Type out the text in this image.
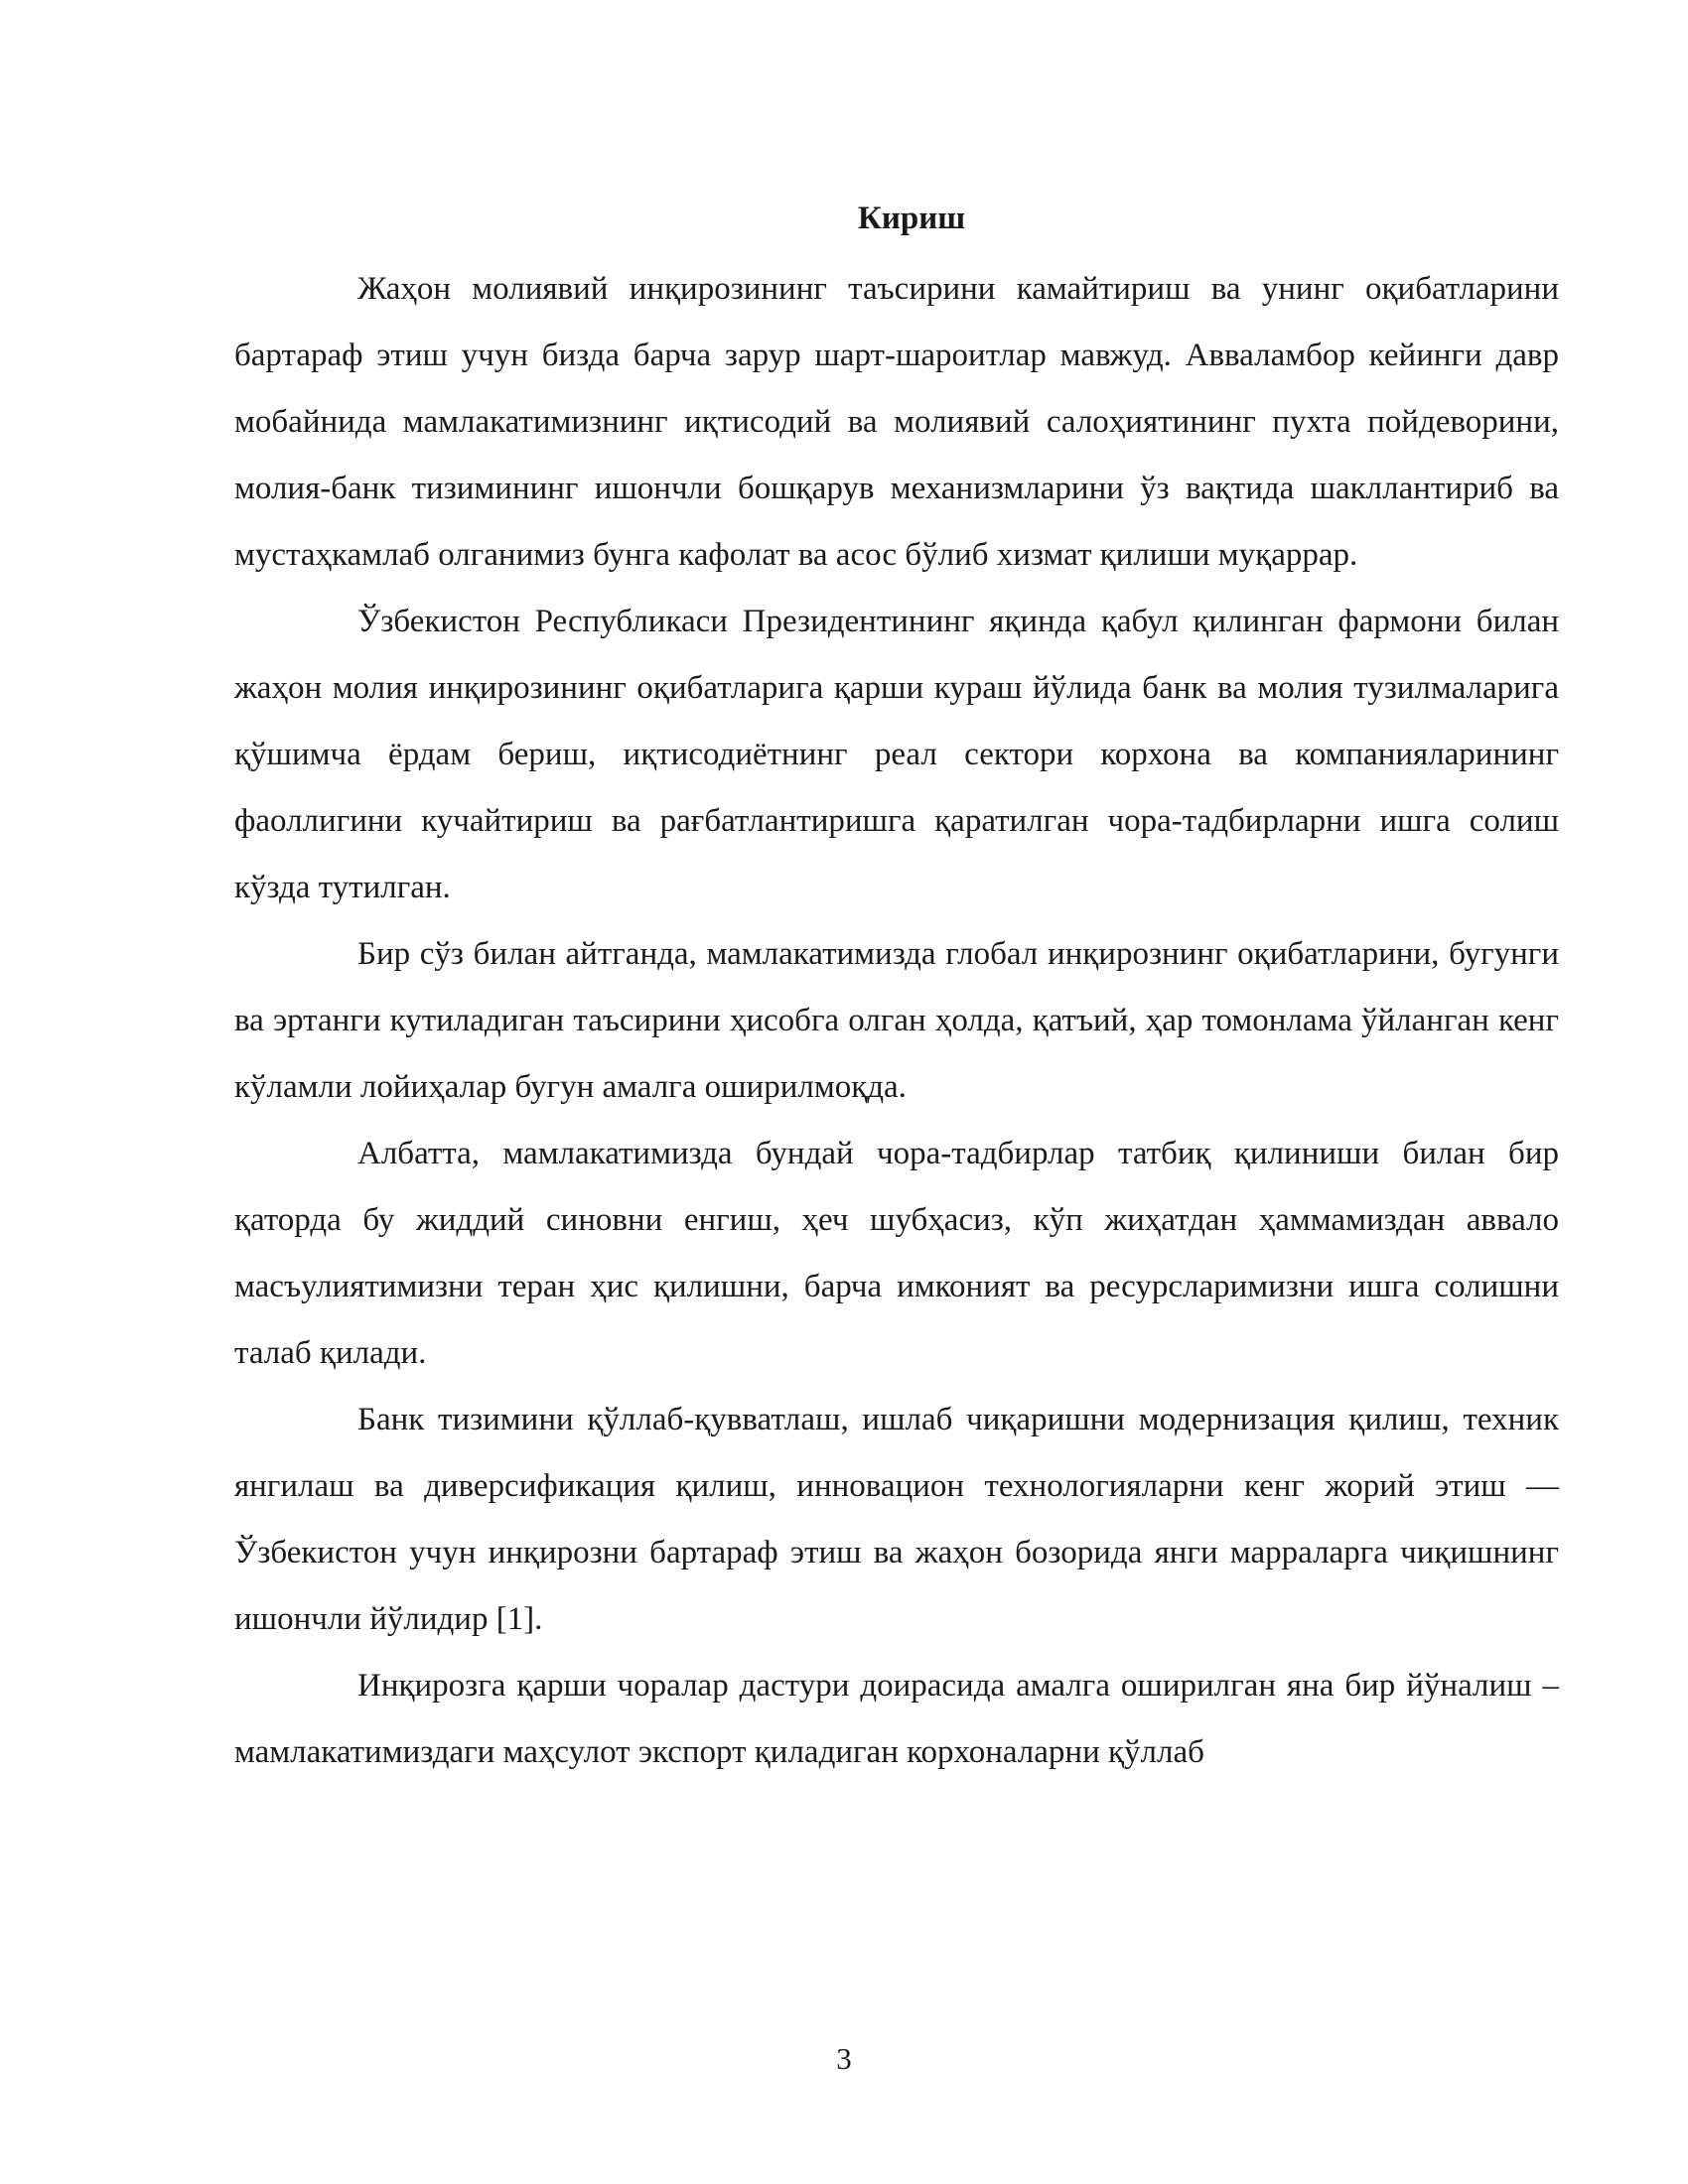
Кириш

Жаҳон молиявий инқирозининг таъсирини камайтириш ва унинг оқибатларини бартараф этиш учун бизда барча зарур шарт-шароитлар мавжуд. Авваламбор кейинги давр мобайнида мамлакатимизнинг иқтисодий ва молиявий салоҳиятининг пухта пойдеворини, молия-банк тизимининг ишончли бошқарув механизмларини ўз вақтида шакллантириб ва мустаҳкамлаб олганимиз бунга кафолат ва асос бўлиб хизмат қилиши муқаррар.

Ўзбекистон Республикаси Президентининг яқинда қабул қилинган фармони билан жаҳон молия инқирозининг оқибатларига қарши кураш йўлида банк ва молия тузилмаларига қўшимча ёрдам бериш, иқтисодиётнинг реал сектори корхона ва компанияларининг фаоллигини кучайтириш ва рағбатлантиришга қаратилган чора-тадбирларни ишга солиш кўзда тутилган.

Бир сўз билан айтганда, мамлакатимизда глобал инқирознинг оқибатларини, бугунги ва эртанги кутиладиган таъсирини ҳисобга олган ҳолда, қатъий, ҳар томонлама ўйланган кенг кўламли лойиҳалар бугун амалга оширилмоқда.

Албатта, мамлакатимизда бундай чора-тадбирлар татбиқ қилиниши билан бир қаторда бу жиддий синовни енгиш, ҳеч шубҳасиз, кўп жиҳатдан ҳаммамиздан аввало масъулиятимизни теран ҳис қилишни, барча имконият ва ресурсларимизни ишга солишни талаб қилади.

Банк тизимини қўллаб-қувватлаш, ишлаб чиқаришни модернизация қилиш, техник янгилаш ва диверсификация қилиш, инновацион технологияларни кенг жорий этиш — Ўзбекистон учун инқирозни бартараф этиш ва жаҳон бозорида янги марраларга чиқишнинг ишончли йўлидир [1].

Инқирозга қарши чоралар дастури доирасида амалга оширилган яна бир йўналиш –мамлакатимиздаги маҳсулот экспорт қиладиган корхоналарни қўллаб

3
